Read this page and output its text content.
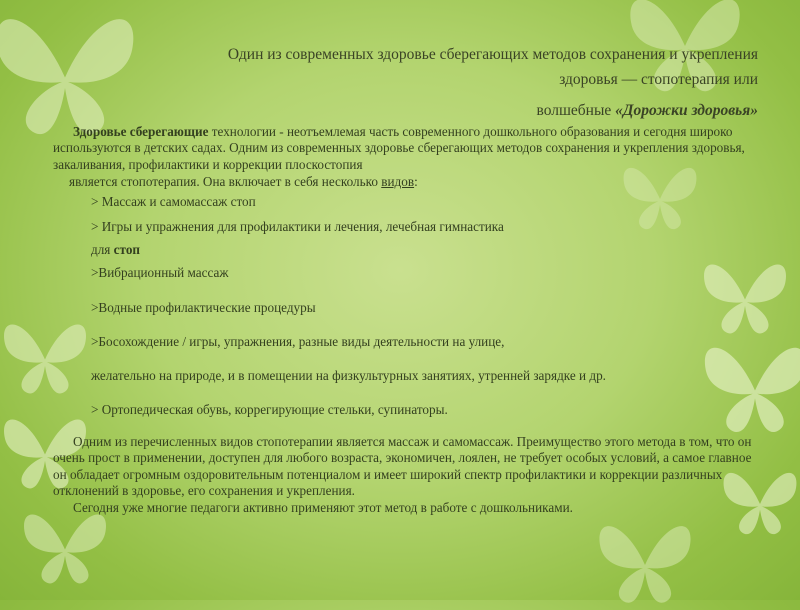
Один из современных здоровье сберегающих методов сохранения и укрепления
здоровья — стопотерапия или
волшебные «Дорожки здоровья»

Здоровье сберегающие технологии - неотъемлемая часть современного дошкольного образования и сегодня широко используются в детских садах. Одним из современных здоровье сберегающих методов сохранения и укрепления здоровья, закаливания, профилактики и коррекции плоскостопия

является стопотерапия. Она включает в себя несколько видов:

> Массаж и самомассаж стоп
> Игры и упражнения для профилактики и лечения, лечебная гимнастика
для стоп
>Вибрационный массаж
>Водные профилактические процедуры
>Босохождение / игры, упражнения, разные виды деятельности на улице,
желательно на природе, и в помещении на физкультурных занятиях, утренней зарядке и др.
> Ортопедическая обувь, коррегирующие стельки, супинаторы.

Одним из перечисленных видов стопотерапии является массаж и самомассаж. Преимущество этого метода в том, что он очень прост в применении, доступен для любого возраста, экономичен, лоялен, не требует особых условий, а самое главное он обладает огромным оздоровительным потенциалом и имеет широкий спектр профилактики и коррекции различных отклонений в здоровье, его сохранения и укрепления.

Сегодня уже многие педагоги активно применяют этот метод в работе с дошкольниками.
